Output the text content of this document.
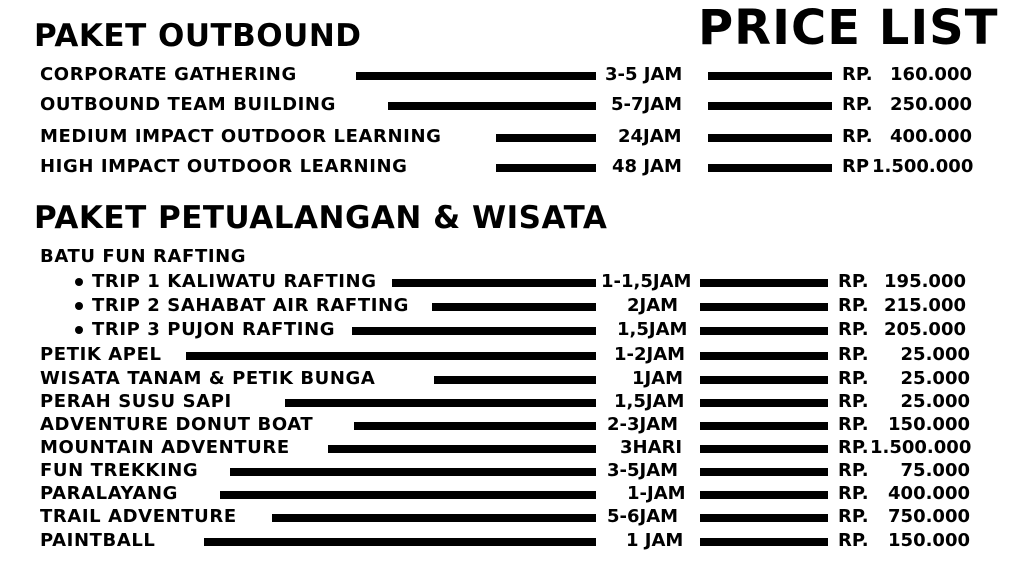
PRICE LIST
PAKET OUTBOUND
PAKET PETUALANGAN & WISATA
BATU FUN RAFTING
CORPORATE GATHERING	3-5 JAM	RP. 160.000
OUTBOUND TEAM BUILDING	5-7JAM	RP. 250.000
MEDIUM IMPACT OUTDOOR LEARNING	24JAM	RP. 400.000
HIGH IMPACT OUTDOOR LEARNING	48 JAM	RP 1.500.000
TRIP 1 KALIWATU RAFTING	1-1,5JAM	RP. 195.000
TRIP 2 SAHABAT AIR RAFTING	2JAM	RP. 215.000
TRIP 3 PUJON RAFTING	1,5JAM	RP. 205.000
PETIK APEL	1-2JAM	RP.	25.000
WISATA TANAM & PETIK BUNGA	1JAM	RP.	25.000
PERAH SUSU SAPI	1,5JAM	RP.	25.000
ADVENTURE DONUT BOAT	2-3JAM	RP.	150.000
MOUNTAIN ADVENTURE	3HARI	RP. 1.500.000
FUN TREKKING	3-5JAM	RP.	75.000
PARALAYANG	1-JAM	RP.	400.000
TRAIL ADVENTURE	5-6JAM	RP.	750.000
PAINTBALL	1 JAM	RP.	150.000
